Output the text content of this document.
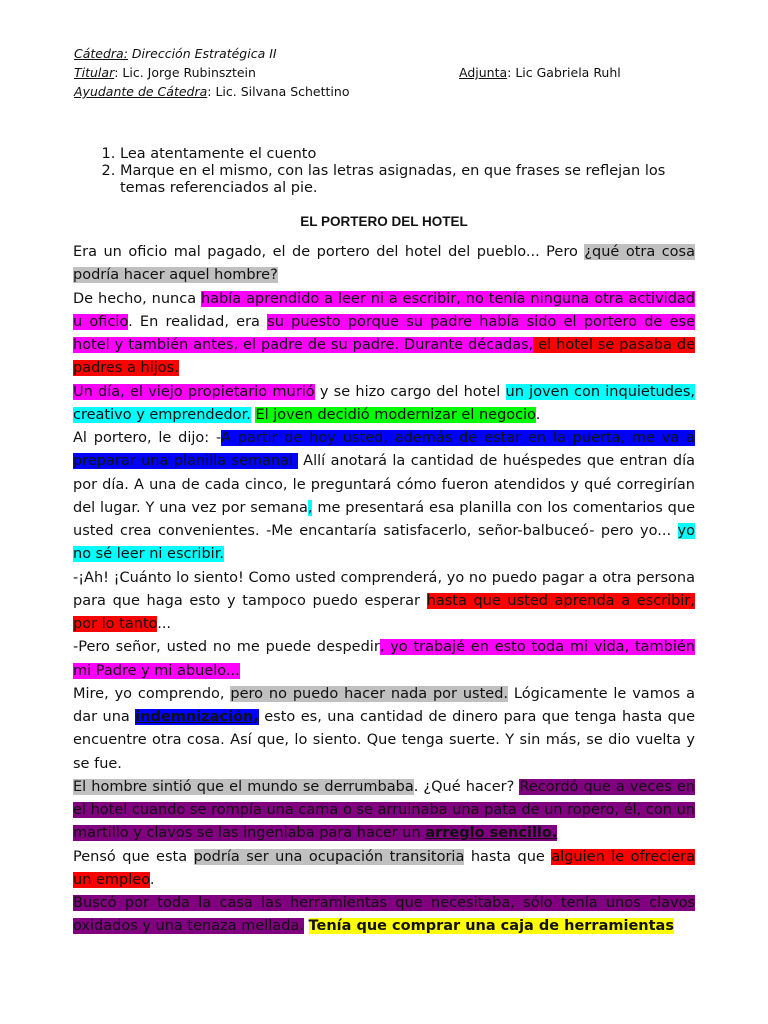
Cátedra: Dirección Estratégica II
Titular: Lic. Jorge Rubinsztein	Adjunta: Lic Gabriela Ruhl
Ayudante de Cátedra: Lic. Silvana Schettino
1. Lea atentamente el cuento
2. Marque en el mismo, con las letras asignadas, en que frases se reflejan los temas referenciados al pie.
EL PORTERO DEL HOTEL

Era un oficio mal pagado, el de portero del hotel del pueblo... Pero ¿qué otra cosa podría hacer aquel hombre?

De hecho, nunca había aprendido a leer ni a escribir, no tenía ninguna otra actividad u oficio. En realidad, era su puesto porque su padre había sido el portero de ese hotel y también antes, el padre de su padre. Durante décadas, el hotel se pasaba de padres a hijos.

Un día, el viejo propietario murió y se hizo cargo del hotel un joven con inquietudes, creativo y emprendedor. El joven decidió modernizar el negocio.

Al portero, le dijo: -A partir de hoy usted, además de estar en la puerta, me va a preparar una planilla semanal. Allí anotará la cantidad de huéspedes que entran día por día. A una de cada cinco, le preguntará cómo fueron atendidos y qué corregirían del lugar. Y una vez por semana, me presentará esa planilla con los comentarios que usted crea convenientes. -Me encantaría satisfacerlo, señor-balbuceó- pero yo... yo no sé leer ni escribir.

-¡Ah! ¡Cuánto lo siento! Como usted comprenderá, yo no puedo pagar a otra persona para que haga esto y tampoco puedo esperar hasta que usted aprenda a escribir, por lo tanto...

-Pero señor, usted no me puede despedir, yo trabajé en esto toda mi vida, también mi Padre y mi abuelo...

Mire, yo comprendo, pero no puedo hacer nada por usted. Lógicamente le vamos a dar una indemnización, esto es, una cantidad de dinero para que tenga hasta que encuentre otra cosa. Así que, lo siento. Que tenga suerte. Y sin más, se dio vuelta y se fue.

El hombre sintió que el mundo se derrumbaba. ¿Qué hacer? Recordó que a veces en el hotel cuando se rompía una cama o se arruinaba una pata de un ropero, él, con un martillo y clavos se las ingeniaba para hacer un arreglo sencillo.

Pensó que esta podría ser una ocupación transitoria hasta que alguien le ofreciera un empleo.

Buscó por toda la casa las herramientas que necesitaba, sólo tenía unos clavos oxidados y una tenaza mellada. Tenía que comprar una caja de herramientas
